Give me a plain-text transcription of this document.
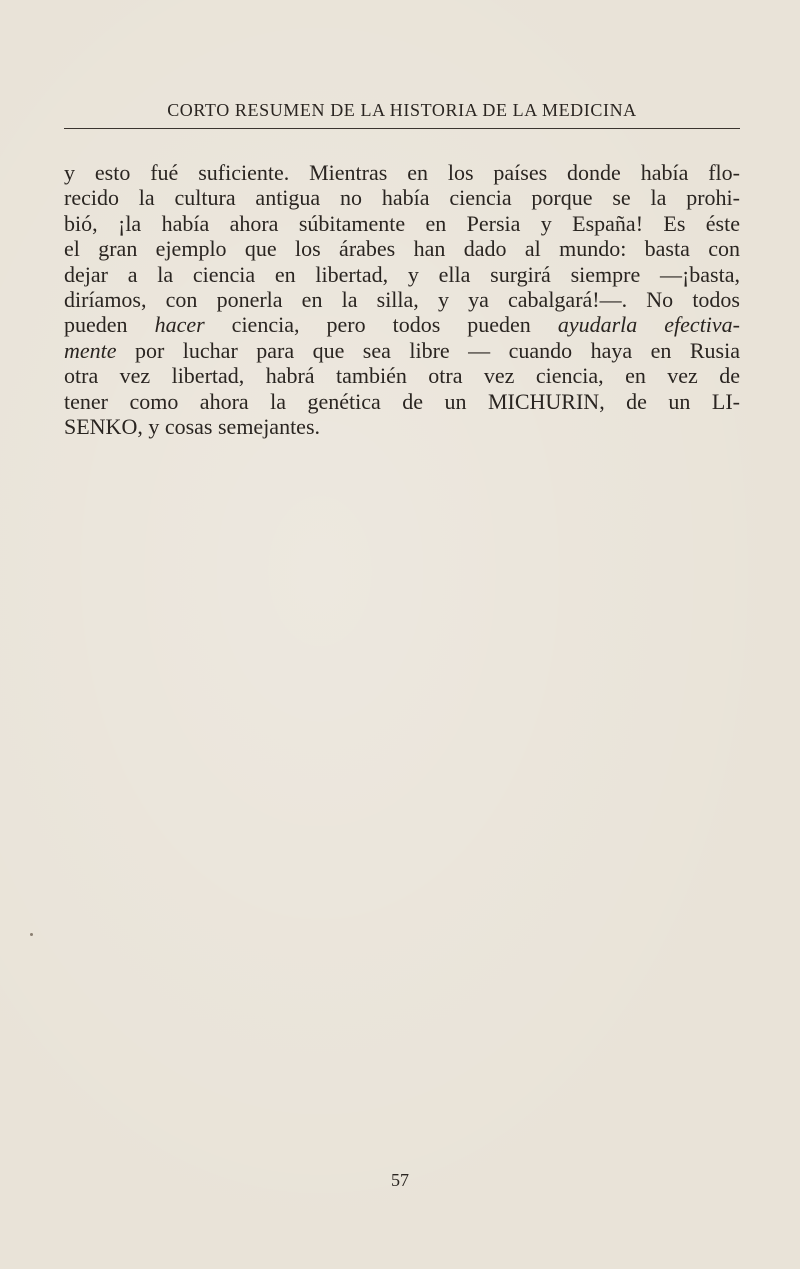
CORTO RESUMEN DE LA HISTORIA DE LA MEDICINA
y esto fué suficiente. Mientras en los países donde había flo-
recido la cultura antigua no había ciencia porque se la prohi-
bió, ¡la había ahora súbitamente en Persia y España! Es éste
el gran ejemplo que los árabes han dado al mundo: basta con
dejar a la ciencia en libertad, y ella surgirá siempre —¡basta,
diríamos, con ponerla en la silla, y ya cabalgará!—. No todos
pueden hacer ciencia, pero todos pueden ayudarla efectiva-
mente por luchar para que sea libre — cuando haya en Rusia
otra vez libertad, habrá también otra vez ciencia, en vez de
tener como ahora la genética de un MICHURIN, de un LI-
SENKO, y cosas semejantes.
57
